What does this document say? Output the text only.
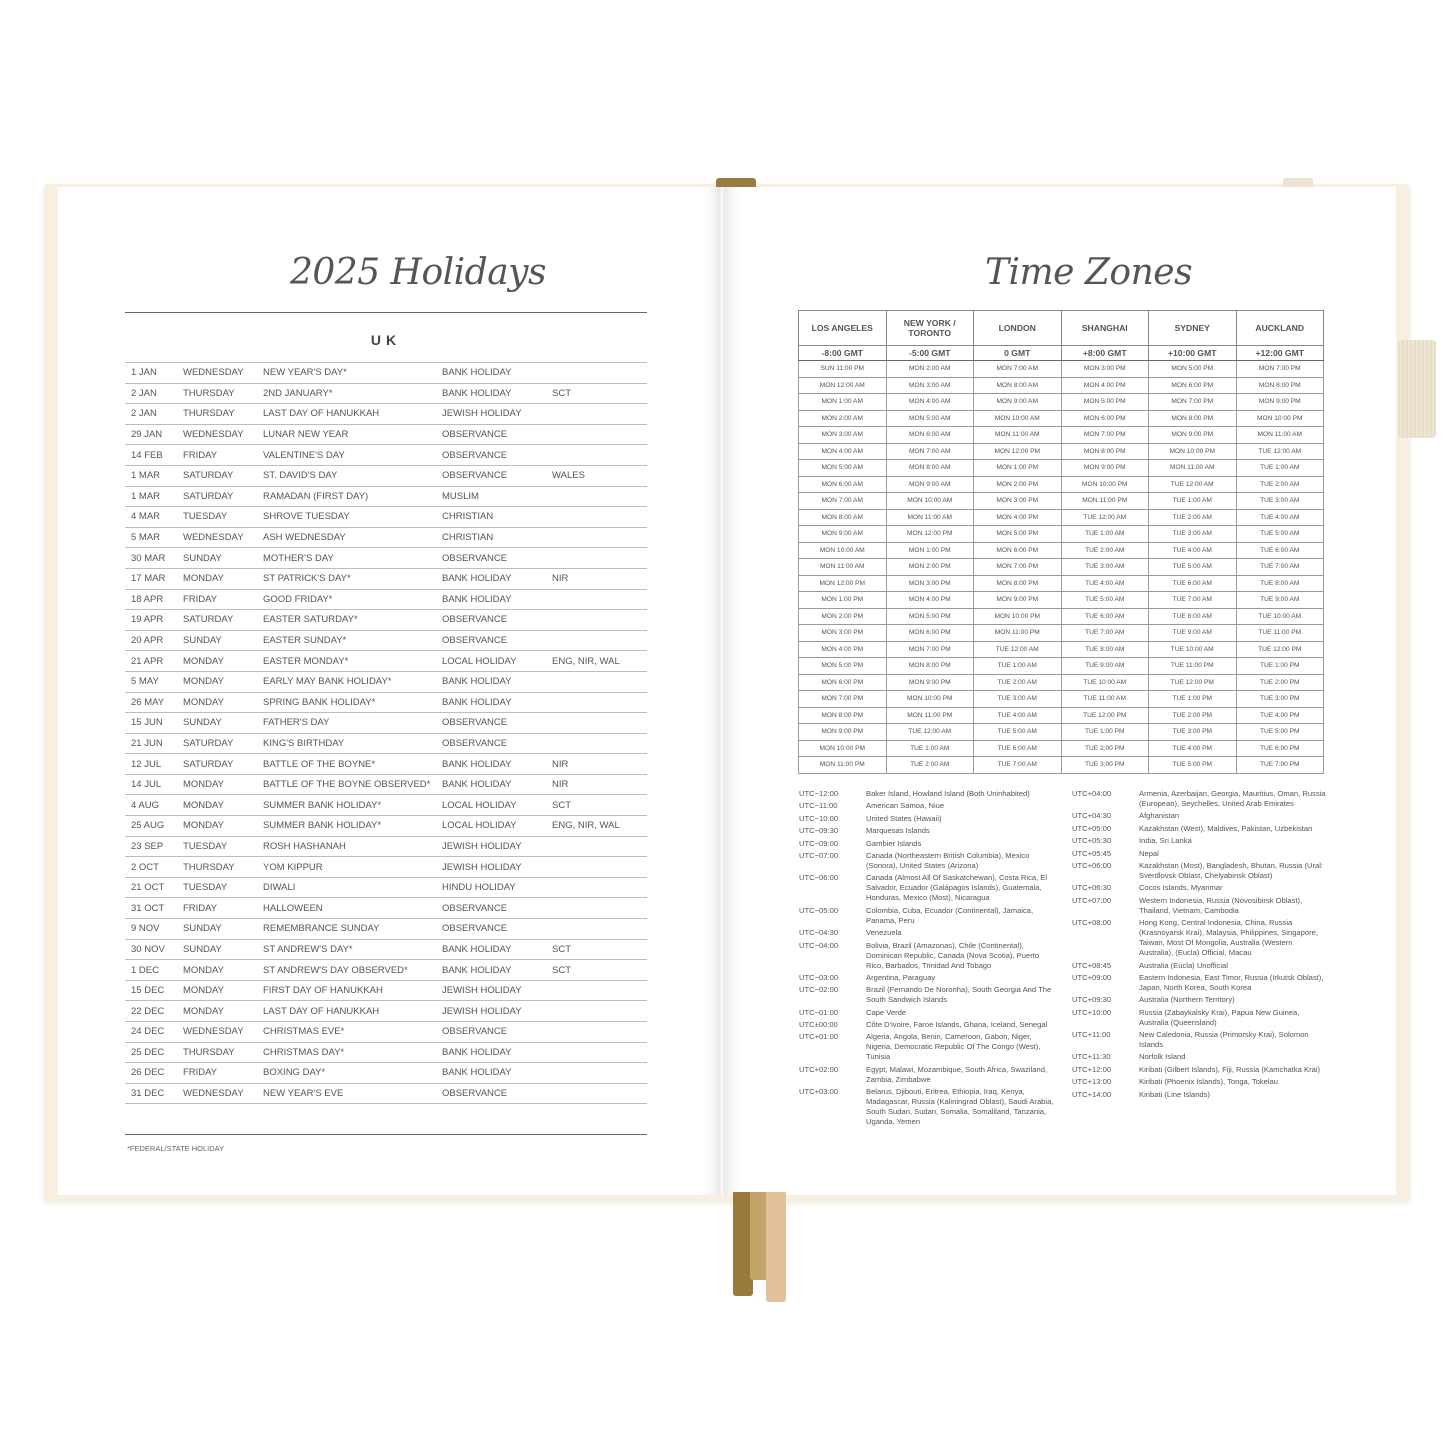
2025 Holidays
UK
1 JAN	WEDNESDAY	NEW YEAR'S DAY*	BANK HOLIDAY	
2 JAN	THURSDAY	2ND JANUARY*	BANK HOLIDAY	SCT
2 JAN	THURSDAY	LAST DAY OF HANUKKAH	JEWISH HOLIDAY	
29 JAN	WEDNESDAY	LUNAR NEW YEAR	OBSERVANCE	
14 FEB	FRIDAY	VALENTINE'S DAY	OBSERVANCE	
1 MAR	SATURDAY	ST. DAVID'S DAY	OBSERVANCE	WALES
1 MAR	SATURDAY	RAMADAN (FIRST DAY)	MUSLIM	
4 MAR	TUESDAY	SHROVE TUESDAY	CHRISTIAN	
5 MAR	WEDNESDAY	ASH WEDNESDAY	CHRISTIAN	
30 MAR	SUNDAY	MOTHER'S DAY	OBSERVANCE	
17 MAR	MONDAY	ST PATRICK'S DAY*	BANK HOLIDAY	NIR
18 APR	FRIDAY	GOOD FRIDAY*	BANK HOLIDAY	
19 APR	SATURDAY	EASTER SATURDAY*	OBSERVANCE	
20 APR	SUNDAY	EASTER SUNDAY*	OBSERVANCE	
21 APR	MONDAY	EASTER MONDAY*	LOCAL HOLIDAY	ENG, NIR, WAL
5 MAY	MONDAY	EARLY MAY BANK HOLIDAY*	BANK HOLIDAY	
26 MAY	MONDAY	SPRING BANK HOLIDAY*	BANK HOLIDAY	
15 JUN	SUNDAY	FATHER'S DAY	OBSERVANCE	
21 JUN	SATURDAY	KING'S BIRTHDAY	OBSERVANCE	
12 JUL	SATURDAY	BATTLE OF THE BOYNE*	BANK HOLIDAY	NIR
14 JUL	MONDAY	BATTLE OF THE BOYNE OBSERVED*	BANK HOLIDAY	NIR
4 AUG	MONDAY	SUMMER BANK HOLIDAY*	LOCAL HOLIDAY	SCT
25 AUG	MONDAY	SUMMER BANK HOLIDAY*	LOCAL HOLIDAY	ENG, NIR, WAL
23 SEP	TUESDAY	ROSH HASHANAH	JEWISH HOLIDAY	
2 OCT	THURSDAY	YOM KIPPUR	JEWISH HOLIDAY	
21 OCT	TUESDAY	DIWALI	HINDU HOLIDAY	
31 OCT	FRIDAY	HALLOWEEN	OBSERVANCE	
9 NOV	SUNDAY	REMEMBRANCE SUNDAY	OBSERVANCE	
30 NOV	SUNDAY	ST ANDREW'S DAY*	BANK HOLIDAY	SCT
1 DEC	MONDAY	ST ANDREW'S DAY OBSERVED*	BANK HOLIDAY	SCT
15 DEC	MONDAY	FIRST DAY OF HANUKKAH	JEWISH HOLIDAY	
22 DEC	MONDAY	LAST DAY OF HANUKKAH	JEWISH HOLIDAY	
24 DEC	WEDNESDAY	CHRISTMAS EVE*	OBSERVANCE	
25 DEC	THURSDAY	CHRISTMAS DAY*	BANK HOLIDAY	
26 DEC	FRIDAY	BOXING DAY*	BANK HOLIDAY	
31 DEC	WEDNESDAY	NEW YEAR'S EVE	OBSERVANCE	
*FEDERAL/STATE HOLIDAY
Time Zones
LOS ANGELES	NEW YORK / TORONTO	LONDON	SHANGHAI	SYDNEY	AUCKLAND
-8:00 GMT	-5:00 GMT	0 GMT	+8:00 GMT	+10:00 GMT	+12:00 GMT
SUN 11:00 PM	MON 2:00 AM	MON 7:00 AM	MON 3:00 PM	MON 5:00 PM	MON 7:00 PM
MON 12:00 AM	MON 3:00 AM	MON 8:00 AM	MON 4:00 PM	MON 6:00 PM	MON 8:00 PM
MON 1:00 AM	MON 4:00 AM	MON 9:00 AM	MON 5:00 PM	MON 7:00 PM	MON 9:00 PM
MON 2:00 AM	MON 5:00 AM	MON 10:00 AM	MON 6:00 PM	MON 8:00 PM	MON 10:00 PM
MON 3:00 AM	MON 6:00 AM	MON 11:00 AM	MON 7:00 PM	MON 9:00 PM	MON 11:00 AM
MON 4:00 AM	MON 7:00 AM	MON 12:00 PM	MON 8:00 PM	MON 10:00 PM	TUE 12:00 AM
MON 5:00 AM	MON 8:00 AM	MON 1:00 PM	MON 9:00 PM	MON 11:00 AM	TUE 1:00 AM
MON 6:00 AM	MON 9:00 AM	MON 2:00 PM	MON 10:00 PM	TUE 12:00 AM	TUE 2:00 AM
MON 7:00 AM	MON 10:00 AM	MON 3:00 PM	MON 11:00 PM	TUE 1:00 AM	TUE 3:00 AM
MON 8:00 AM	MON 11:00 AM	MON 4:00 PM	TUE 12:00 AM	TUE 2:00 AM	TUE 4:00 AM
MON 9:00 AM	MON 12:00 PM	MON 5:00 PM	TUE 1:00 AM	TUE 3:00 AM	TUE 5:00 AM
MON 10:00 AM	MON 1:00 PM	MON 6:00 PM	TUE 2:00 AM	TUE 4:00 AM	TUE 6:00 AM
MON 11:00 AM	MON 2:00 PM	MON 7:00 PM	TUE 3:00 AM	TUE 5:00 AM	TUE 7:00 AM
MON 12:00 PM	MON 3:00 PM	MON 8:00 PM	TUE 4:00 AM	TUE 6:00 AM	TUE 8:00 AM
MON 1:00 PM	MON 4:00 PM	MON 9:00 PM	TUE 5:00 AM	TUE 7:00 AM	TUE 9:00 AM
MON 2:00 PM	MON 5:00 PM	MON 10:00 PM	TUE 6:00 AM	TUE 8:00 AM	TUE 10:00 AM
MON 3:00 PM	MON 6:00 PM	MON 11:00 PM	TUE 7:00 AM	TUE 9:00 AM	TUE 11:00 PM
MON 4:00 PM	MON 7:00 PM	TUE 12:00 AM	TUE 8:00 AM	TUE 10:00 AM	TUE 12:00 PM
MON 5:00 PM	MON 8:00 PM	TUE 1:00 AM	TUE 9:00 AM	TUE 11:00 PM	TUE 1:00 PM
MON 6:00 PM	MON 9:00 PM	TUE 2:00 AM	TUE 10:00 AM	TUE 12:00 PM	TUE 2:00 PM
MON 7:00 PM	MON 10:00 PM	TUE 3:00 AM	TUE 11:00 AM	TUE 1:00 PM	TUE 3:00 PM
MON 8:00 PM	MON 11:00 PM	TUE 4:00 AM	TUE 12:00 PM	TUE 2:00 PM	TUE 4:00 PM
MON 9:00 PM	TUE 12:00 AM	TUE 5:00 AM	TUE 1:00 PM	TUE 3:00 PM	TUE 5:00 PM
MON 10:00 PM	TUE 1:00 AM	TUE 6:00 AM	TUE 2:00 PM	TUE 4:00 PM	TUE 6:00 PM
MON 11:00 PM	TUE 2:00 AM	TUE 7:00 AM	TUE 3:00 PM	TUE 5:00 PM	TUE 7:00 PM
UTC−12:00	Baker Island, Howland Island (Both Uninhabited)
UTC−11:00	American Samoa, Niue
UTC−10:00	United States (Hawaii)
UTC−09:30	Marquesas Islands
UTC−09:00	Gambier Islands
UTC−07:00	Canada (Northeastern British Columbia), Mexico (Sonora), United States (Arizona)
UTC−06:00	Canada (Almost All Of Saskatchewan), Costa Rica, El Salvador, Ecuador (Galápagos Islands), Guatemala, Honduras, Mexico (Most), Nicaragua
UTC−05:00	Colombia, Cuba, Ecuador (Continental), Jamaica, Panama, Peru
UTC−04:30	Venezuela
UTC−04:00	Bolivia, Brazil (Amazonas), Chile (Continental), Dominican Republic, Canada (Nova Scotia), Puerto Rico, Barbados, Trinidad And Tobago
UTC−03:00	Argentina, Paraguay
UTC−02:00	Brazil (Fernando De Noronha), South Georgia And The South Sandwich Islands
UTC−01:00	Cape Verde
UTC±00:00	Côte D'ivoire, Faroe Islands, Ghana, Iceland, Senegal
UTC+01:00	Algeria, Angola, Benin, Cameroon, Gabon, Niger, Nigeria, Democratic Republic Of The Congo (West), Tunisia
UTC+02:00	Egypt, Malawi, Mozambique, South Africa, Swaziland, Zambia, Zimbabwe
UTC+03:00	Belarus, Djibouti, Eritrea, Ethiopia, Iraq, Kenya, Madagascar, Russia (Kaliningrad Oblast), Saudi Arabia, South Sudan, Sudan, Somalia, Somaliland, Tanzania, Uganda, Yemen
UTC+04:00	Armenia, Azerbaijan, Georgia, Mauritius, Oman, Russia (European), Seychelles, United Arab Emirates
UTC+04:30	Afghanistan
UTC+05:00	Kazakhstan (West), Maldives, Pakistan, Uzbekistan
UTC+05:30	India, Sri Lanka
UTC+05:45	Nepal
UTC+06:00	Kazakhstan (Most), Bangladesh, Bhutan, Russia (Ural: Sverdlovsk Oblast, Chelyabinsk Oblast)
UTC+06:30	Cocos Islands, Myanmar
UTC+07:00	Western Indonesia, Russia (Novosibirsk Oblast), Thailand, Vietnam, Cambodia
UTC+08:00	Hong Kong, Central Indonesia, China, Russia (Krasnoyarsk Krai), Malaysia, Philippines, Singapore, Taiwan, Most Of Mongolia, Australia (Western Australia), (Eucla) Official, Macau
UTC+08:45	Australia (Eucla) Unofficial
UTC+09:00	Eastern Indonesia, East Timor, Russia (Irkutsk Oblast), Japan, North Korea, South Korea
UTC+09:30	Australia (Northern Territory)
UTC+10:00	Russia (Zabaykalsky Krai), Papua New Guinea, Australia (Queensland)
UTC+11:00	New Caledonia, Russia (Primorsky Krai), Solomon Islands
UTC+11:30	Norfolk Island
UTC+12:00	Kiribati (Gilbert Islands), Fiji, Russia (Kamchatka Krai)
UTC+13:00	Kiribati (Phoenix Islands), Tonga, Tokelau
UTC+14:00	Kiribati (Line Islands)
